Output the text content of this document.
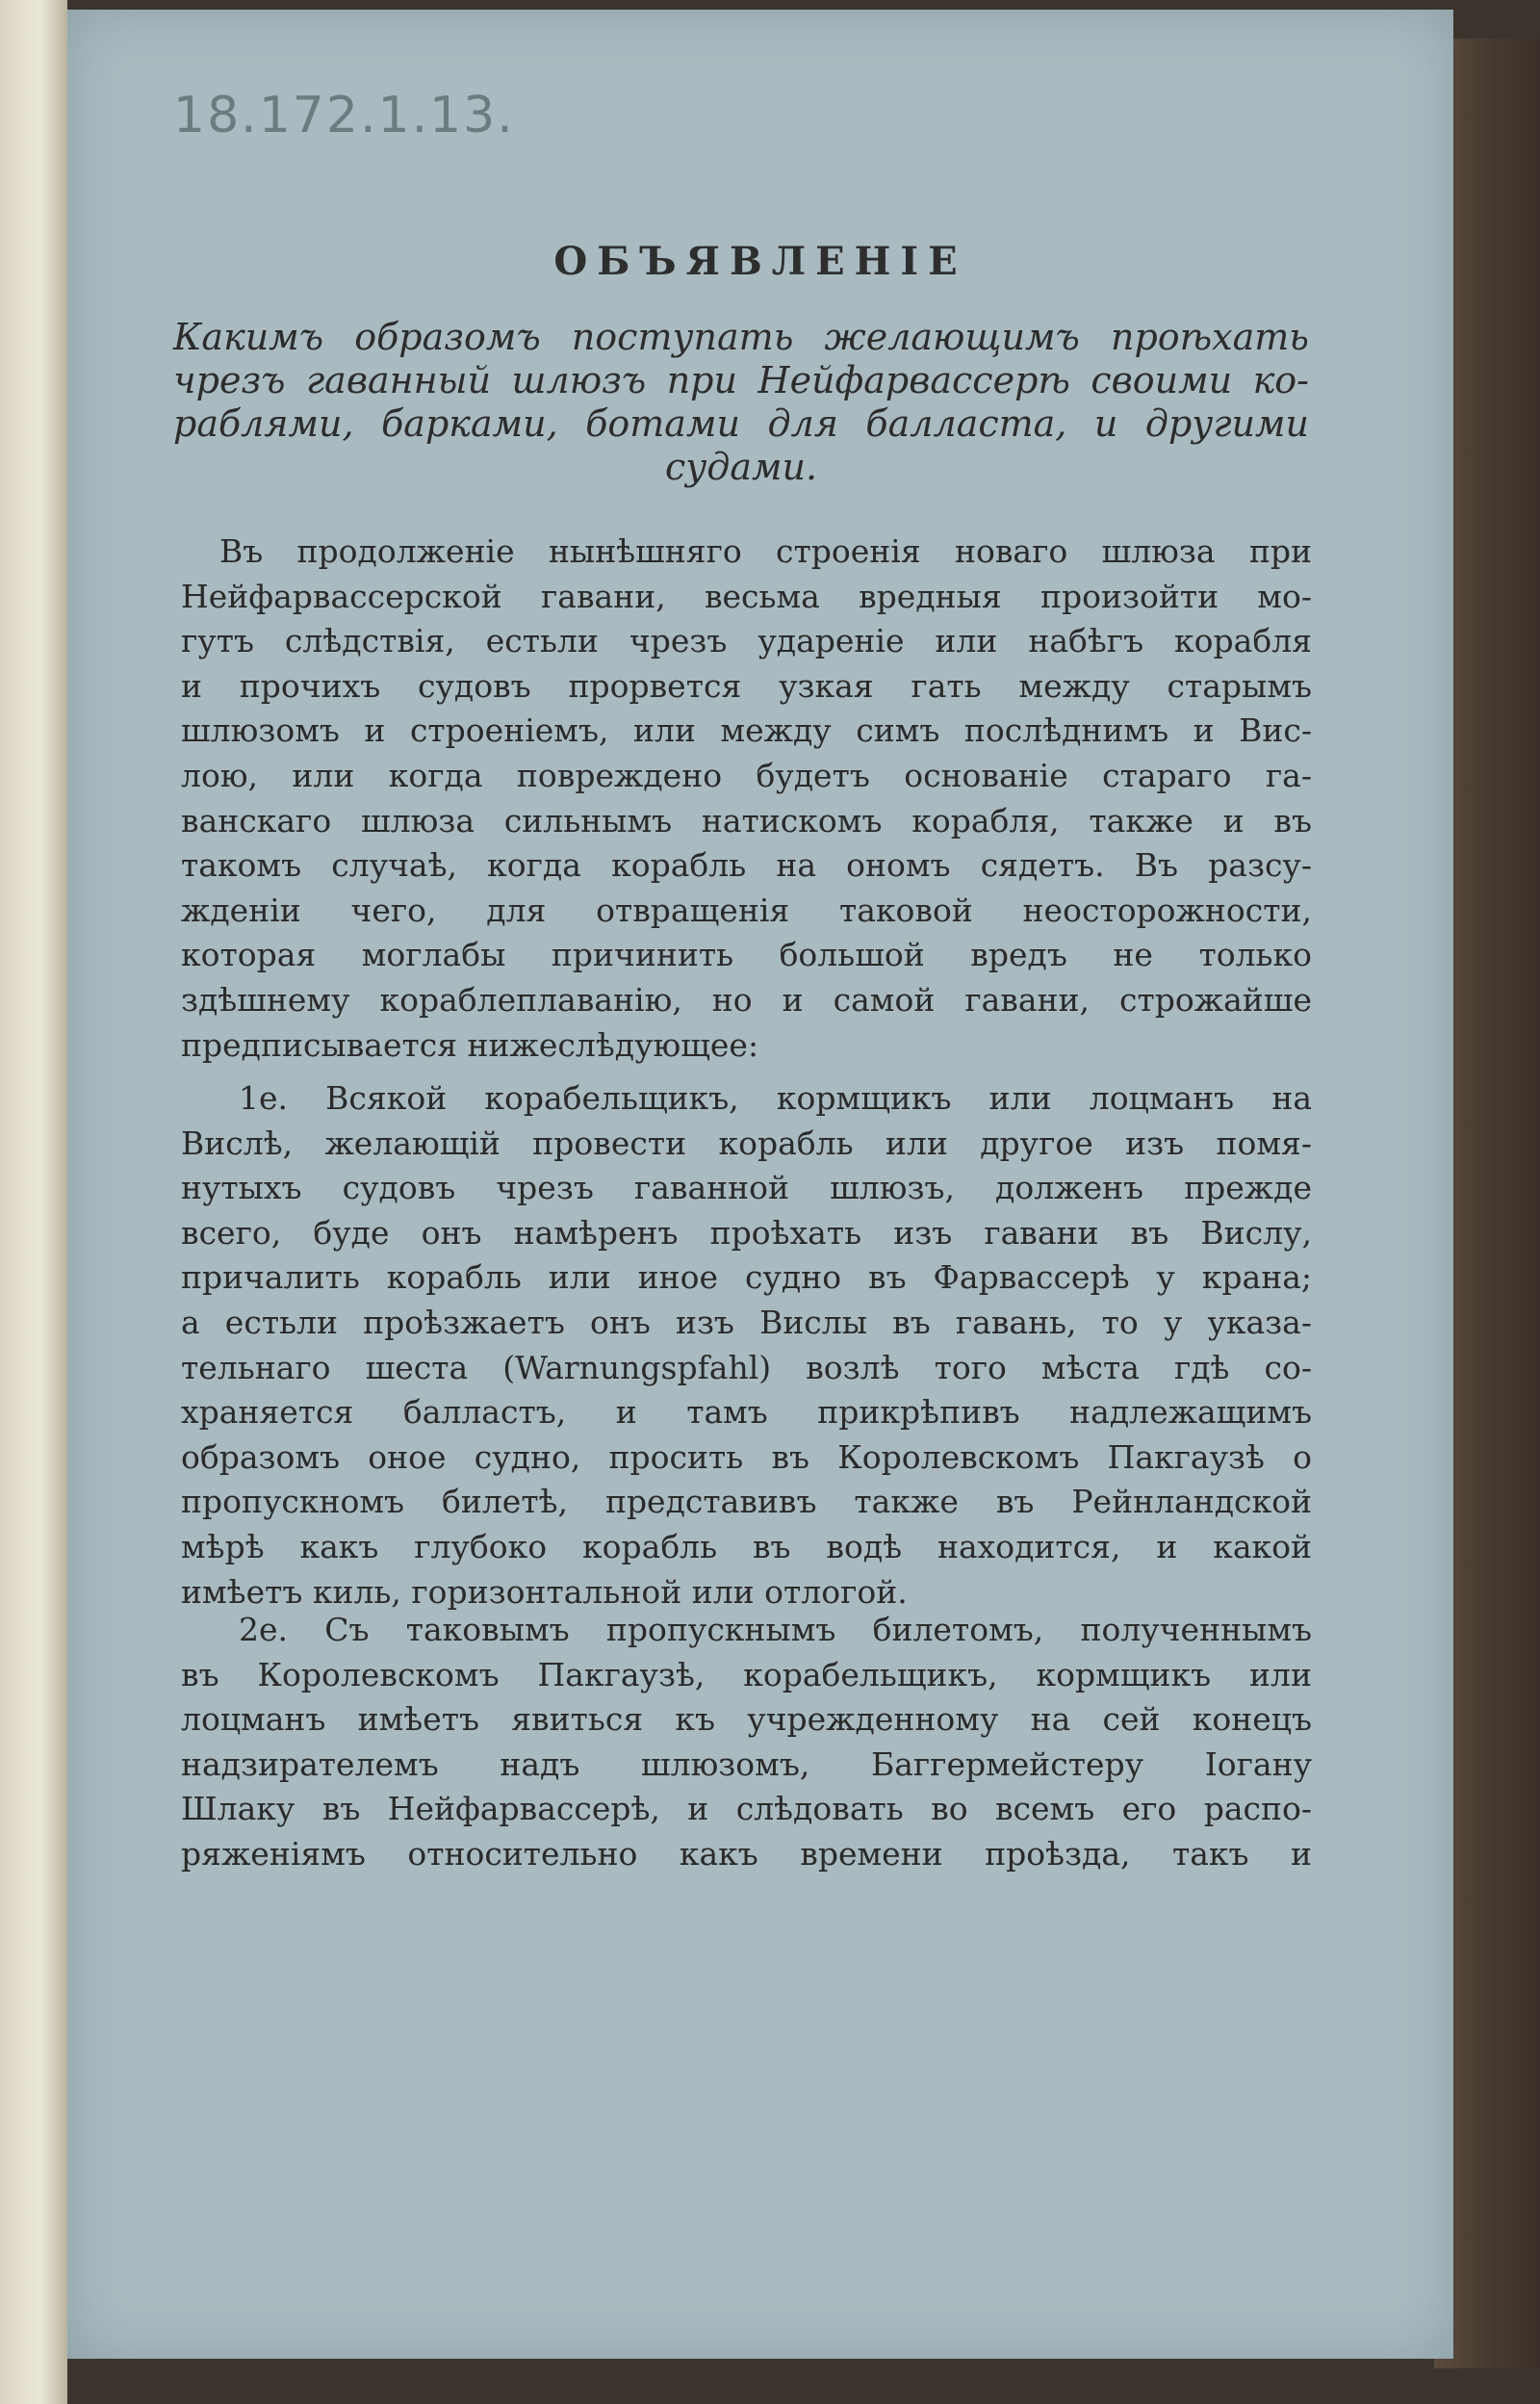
18.172.1.13.
ОБЪЯВЛЕНІЕ
Какимъ образомъ поступать желающимъ проѣхать
чрезъ гаванный шлюзъ при Нейфарвассерѣ своими ко-
раблями, барками, ботами для балласта, и другими
судами.
Въ продолженіе нынѣшняго строенія новаго шлюза при
Нейфарвассерской гавани, весьма вредныя произойти мо-
гутъ слѣдствія, естьли чрезъ удареніе или набѣгъ корабля
и прочихъ судовъ прорвется узкая гать между старымъ
шлюзомъ и строеніемъ, или между симъ послѣднимъ и Вис-
лою, или когда повреждено будетъ основаніе стараго га-
ванскаго шлюза сильнымъ натискомъ корабля, также и въ
такомъ случаѣ, когда корабль на ономъ сядетъ. Въ разсу-
жденіи чего, для отвращенія таковой неосторожности,
которая моглабы причинить большой вредъ не только
здѣшнему кораблеплаванію, но и самой гавани, строжайше
предписывается нижеслѣдующее:
1е. Всякой корабельщикъ, кормщикъ или лоцманъ на
Вислѣ, желающій провести корабль или другое изъ помя-
нутыхъ судовъ чрезъ гаванной шлюзъ, долженъ прежде
всего, буде онъ намѣренъ проѣхать изъ гавани въ Вислу,
причалить корабль или иное судно въ Фарвассерѣ у крана;
а естьли проѣзжаетъ онъ изъ Вислы въ гавань, то у указа-
тельнаго шеста (Warnungspfahl) возлѣ того мѣста гдѣ со-
храняется балластъ, и тамъ прикрѣпивъ надлежащимъ
образомъ оное судно, просить въ Королевскомъ Пакгаузѣ о
пропускномъ билетѣ, представивъ также въ Рейнландской
мѣрѣ какъ глубоко корабль въ водѣ находится, и какой
имѣетъ киль, горизонтальной или отлогой.
2е. Съ таковымъ пропускнымъ билетомъ, полученнымъ
въ Королевскомъ Пакгаузѣ, корабельщикъ, кормщикъ или
лоцманъ имѣетъ явиться къ учрежденному на сей конецъ
надзирателемъ надъ шлюзомъ, Баггермейстеру Іогану
Шлаку въ Нейфарвассерѣ, и слѣдовать во всемъ его распо-
ряженіямъ относительно какъ времени проѣзда, такъ и
